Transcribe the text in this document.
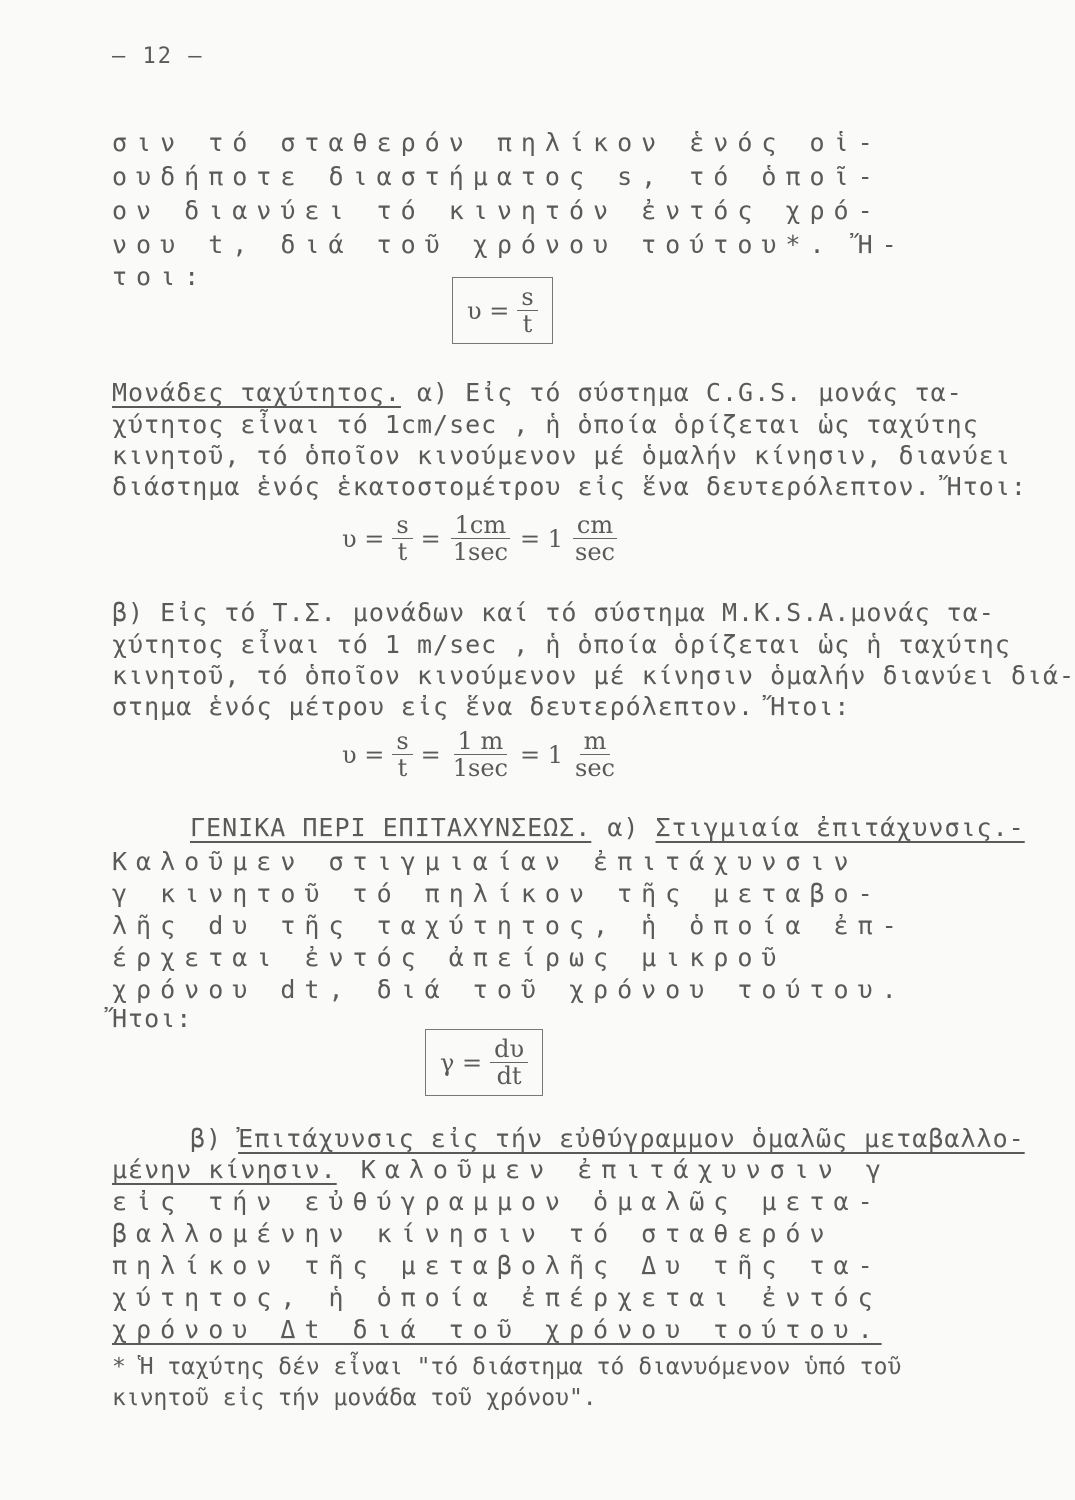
– 12 –
σιν τό σταθερόν πηλίκον ἑνός οἱ-
ουδήποτε διαστήματος s, τό ὁποῖ-
ον διανύει τό κινητόν ἐντός χρό-
νου t, διά τοῦ χρόνου τούτου*. Ἤ-
τοι:
$\upsilon = \frac{s}{t}$
Μονάδες ταχύτητος. α) Εἰς τό σύστημα C.G.S. μονάς τα-
χύτητος εἶναι τό 1cm/sec , ἡ ὁποία ὁρίζεται ὡς ταχύτης
κινητοῦ, τό ὁποῖον κινούμενον μέ ὁμαλήν κίνησιν, διανύει
διάστημα ἑνός ἑκατοστομέτρου εἰς ἕνα δευτερόλεπτον. Ἤτοι:
$\upsilon = \frac{s}{t} = \frac{1cm}{1\sec} = 1 \frac{cm}{\sec}$
β) Εἰς τό Τ.Σ. μονάδων καί τό σύστημα M.K.S.A.μονάς τα-
χύτητος εἶναι τό 1 m/sec , ἡ ὁποία ὁρίζεται ὡς ἡ ταχύτης
κινητοῦ, τό ὁποῖον κινούμενον μέ κίνησιν ὁμαλήν διανύει διά-
στημα ἑνός μέτρου εἰς ἕνα δευτερόλεπτον. Ἤτοι:
$\upsilon = \frac{s}{t} = \frac{1 m}{1\sec} = 1 \frac{m}{\sec}$
ΓΕΝΙΚΑ ΠΕΡΙ ΕΠΙΤΑΧΥΝΣΕΩΣ. α) Στιγμιαία ἐπιτάχυνσις.-
Καλοῦμεν στιγμιαίαν ἐπιτάχυνσιν
γ κινητοῦ τό πηλίκον τῆς μεταβο-
λῆς dυ τῆς ταχύτητος, ἡ ὁποία ἐπ-
έρχεται ἐντός ἀπείρως μικροῦ
χρόνου dt, διά τοῦ χρόνου τούτου.
Ἤτοι:
$\gamma = \frac{d\upsilon}{dt}$
β) Ἐπιτάχυνσις εἰς τήν εὐθύγραμμον ὁμαλῶς μεταβαλλο-
μένην κίνησιν. Καλοῦμεν ἐπιτάχυνσιν γ
εἰς τήν εὐθύγραμμον ὁμαλῶς μετα-
βαλλομένην κίνησιν τό σταθερόν
πηλίκον τῆς μεταβολῆς Δυ τῆς τα-
χύτητος, ἡ ὁποία ἐπέρχεται ἐντός
χρόνου Δt διά τοῦ χρόνου τούτου.
* Ἡ ταχύτης δέν εἶναι "τό διάστημα τό διανυόμενον ὑπό τοῦ
κινητοῦ εἰς τήν μονάδα τοῦ χρόνου".
